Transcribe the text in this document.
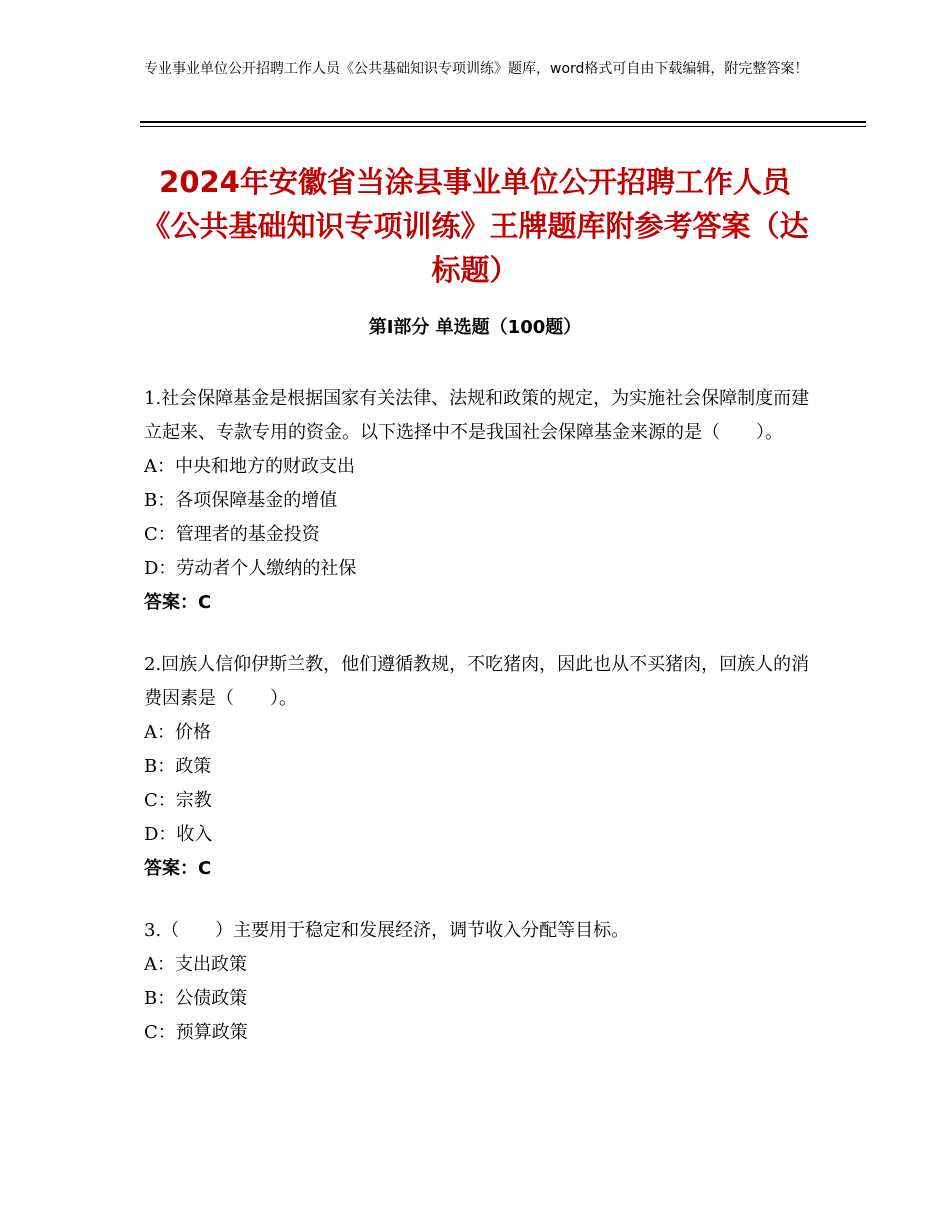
专业事业单位公开招聘工作人员《公共基础知识专项训练》题库，word格式可自由下载编辑，附完整答案！
2024年安徽省当涂县事业单位公开招聘工作人员《公共基础知识专项训练》王牌题库附参考答案（达标题）
第I部分 单选题（100题）

1.社会保障基金是根据国家有关法律、法规和政策的规定，为实施社会保障制度而建立起来、专款专用的资金。以下选择中不是我国社会保障基金来源的是（　　）。

A：中央和地方的财政支出

B：各项保障基金的增值

C：管理者的基金投资

D：劳动者个人缴纳的社保

答案：C

2.回族人信仰伊斯兰教，他们遵循教规，不吃猪肉，因此也从不买猪肉，回族人的消费因素是（　　）。

A：价格

B：政策

C：宗教

D：收入

答案：C

3.（　　）主要用于稳定和发展经济，调节收入分配等目标。

A：支出政策

B：公债政策

C：预算政策
